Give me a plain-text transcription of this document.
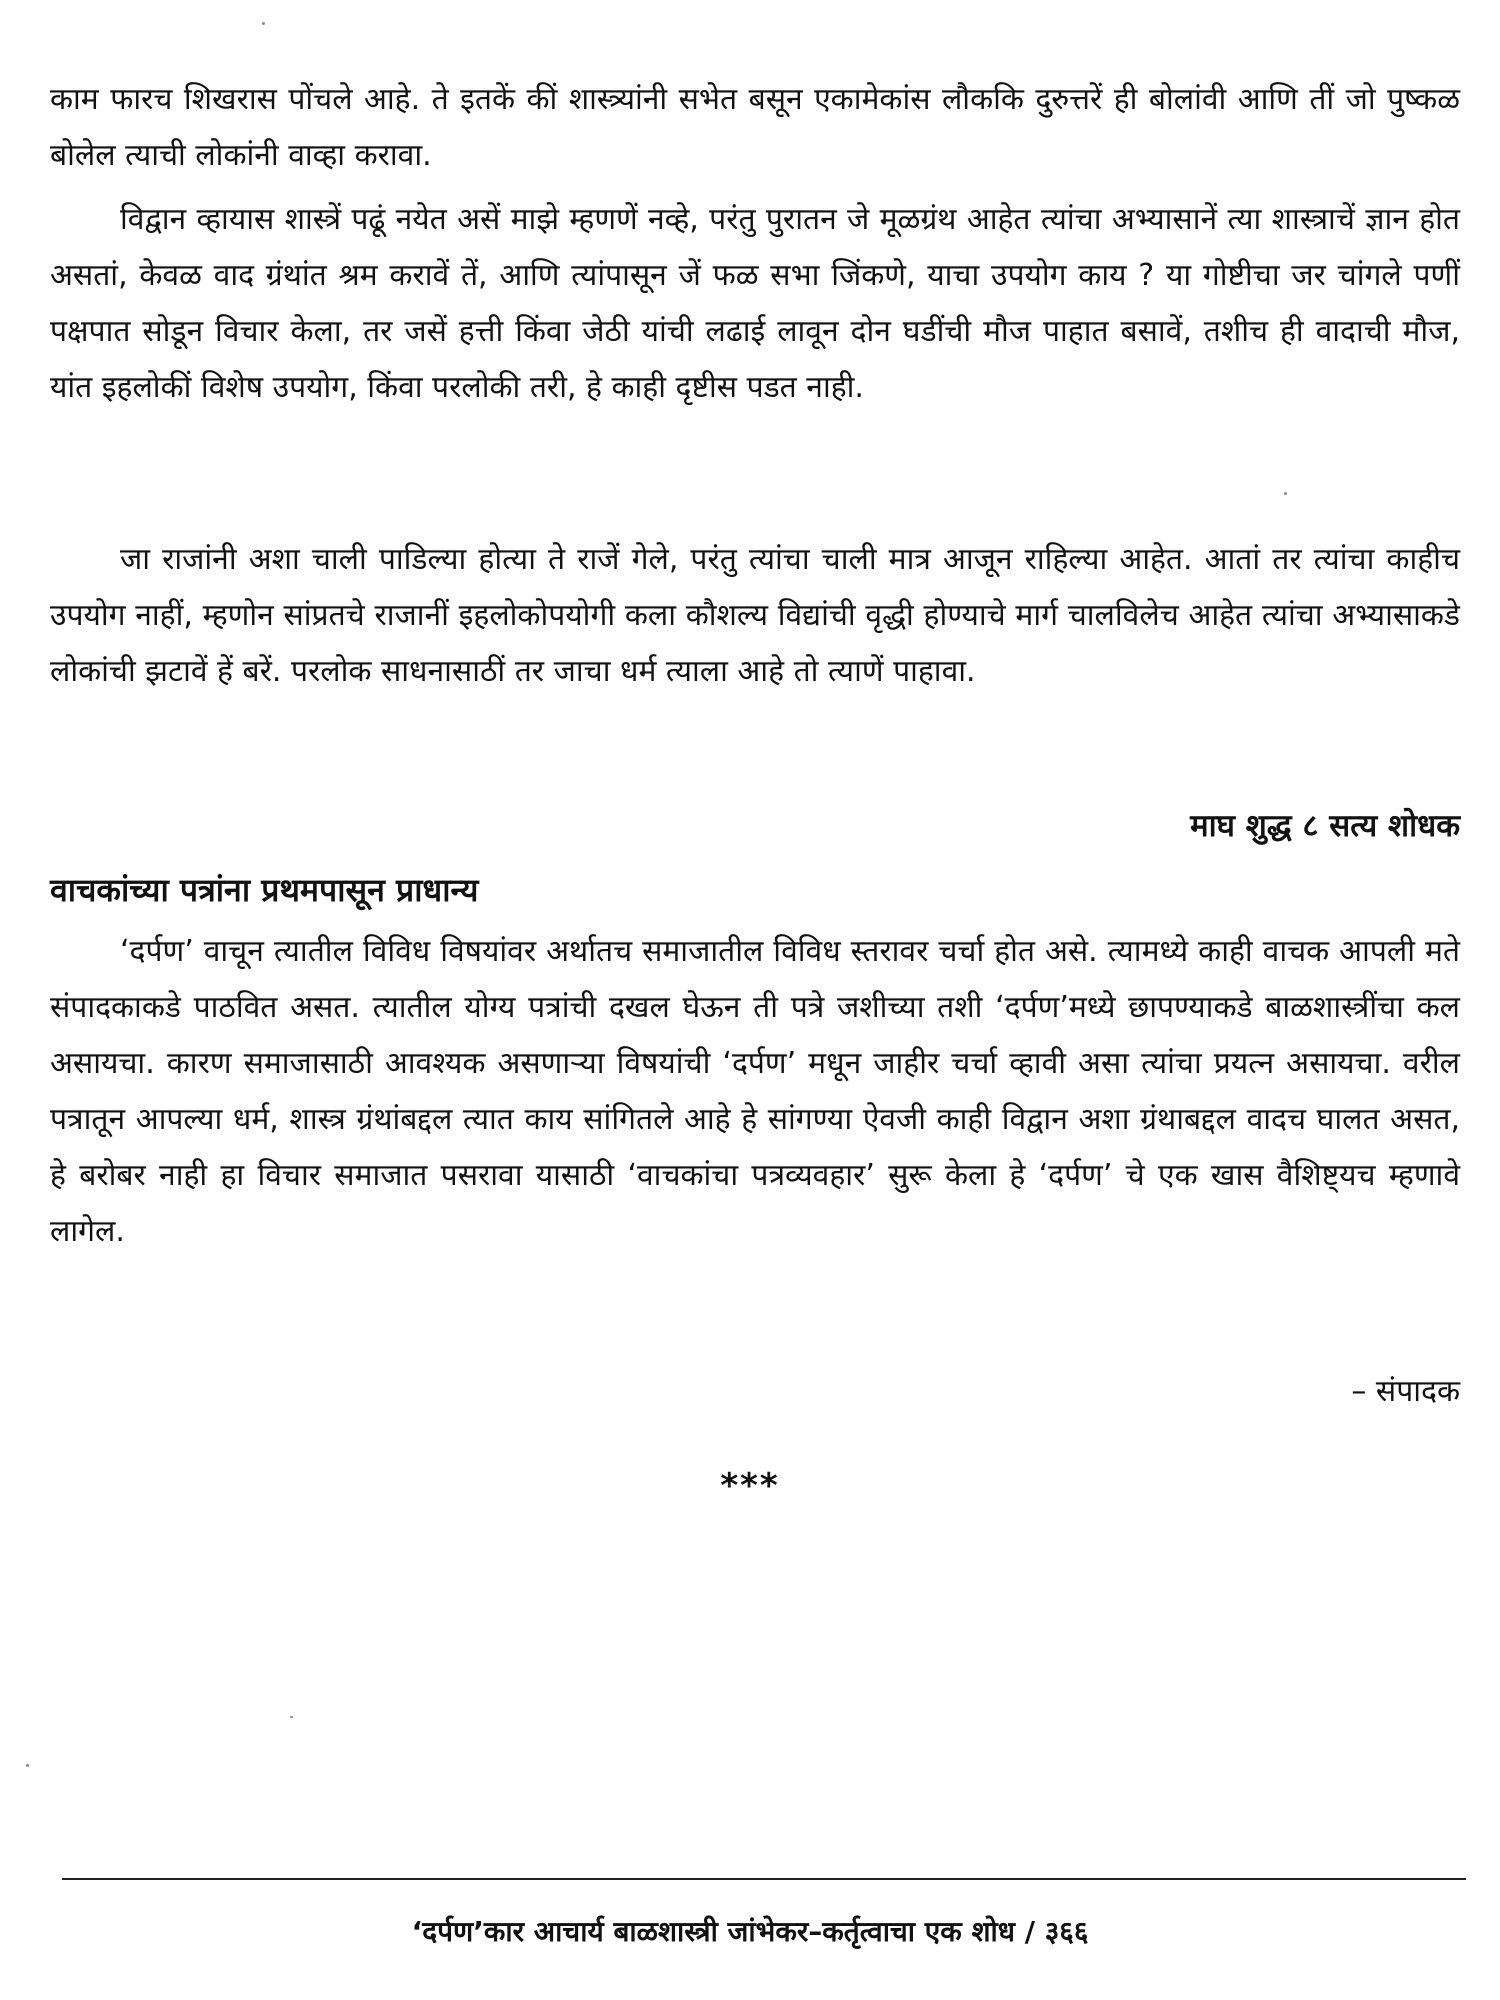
काम फारच शिखरास पोंचले आहे. ते इतकें कीं शास्त्र्यांनी सभेत बसून एकामेकांस लौककि दुरुत्तरें ही बोलांवी आणि तीं जो पुष्कळ बोलेल त्याची लोकांनी वाव्हा करावा.

विद्वान व्हायास शास्त्रें पढूं नयेत असें माझे म्हणणें नव्हे, परंतु पुरातन जे मूळग्रंथ आहेत त्यांचा अभ्यासानें त्या शास्त्राचें ज्ञान होत असतां, केवळ वाद ग्रंथांत श्रम करावें तें, आणि त्यांपासून जें फळ सभा जिंकणे, याचा उपयोग काय ? या गोष्टीचा जर चांगले पणीं पक्षपात सोडून विचार केला, तर जसें हत्ती किंवा जेठी यांची लढाई लावून दोन घडींची मौज पाहात बसावें, तशीच ही वादाची मौज, यांत इहलोकीं विशेष उपयोग, किंवा परलोकी तरी, हे काही दृष्टीस पडत नाही.

जा राजांनी अशा चाली पाडिल्या होत्या ते राजें गेले, परंतु त्यांचा चाली मात्र आजून राहिल्या आहेत. आतां तर त्यांचा काहीच उपयोग नाहीं, म्हणोन सांप्रतचे राजानीं इहलोकोपयोगी कला कौशल्य विद्यांची वृद्धी होण्याचे मार्ग चालविलेच आहेत त्यांचा अभ्यासाकडे लोकांची झटावें हें बरें. परलोक साधनासाठीं तर जाचा धर्म त्याला आहे तो त्याणें पाहावा.

माघ शुद्ध ८ सत्य शोधक
वाचकांच्या पत्रांना प्रथमपासून प्राधान्य

‘दर्पण’ वाचून त्यातील विविध विषयांवर अर्थातच समाजातील विविध स्तरावर चर्चा होत असे. त्यामध्ये काही वाचक आपली मते संपादकाकडे पाठवित असत. त्यातील योग्य पत्रांची दखल घेऊन ती पत्रे जशीच्या तशी ‘दर्पण’मध्ये छापण्याकडे बाळशास्त्रींचा कल असायचा. कारण समाजासाठी आवश्यक असणाऱ्या विषयांची ‘दर्पण’ मधून जाहीर चर्चा व्हावी असा त्यांचा प्रयत्न असायचा. वरील पत्रातून आपल्या धर्म, शास्त्र ग्रंथांबद्दल त्यात काय सांगितले आहे हे सांगण्या ऐवजी काही विद्वान अशा ग्रंथाबद्दल वादच घालत असत, हे बरोबर नाही हा विचार समाजात पसरावा यासाठी ‘वाचकांचा पत्रव्यवहार’ सुरू केला हे ‘दर्पण’ चे एक खास वैशिष्ट्यच म्हणावे लागेल.

– संपादक
***
‘दर्पण’कार आचार्य बाळशास्त्री जांभेकर–कर्तृत्वाचा एक शोध / ३६६
